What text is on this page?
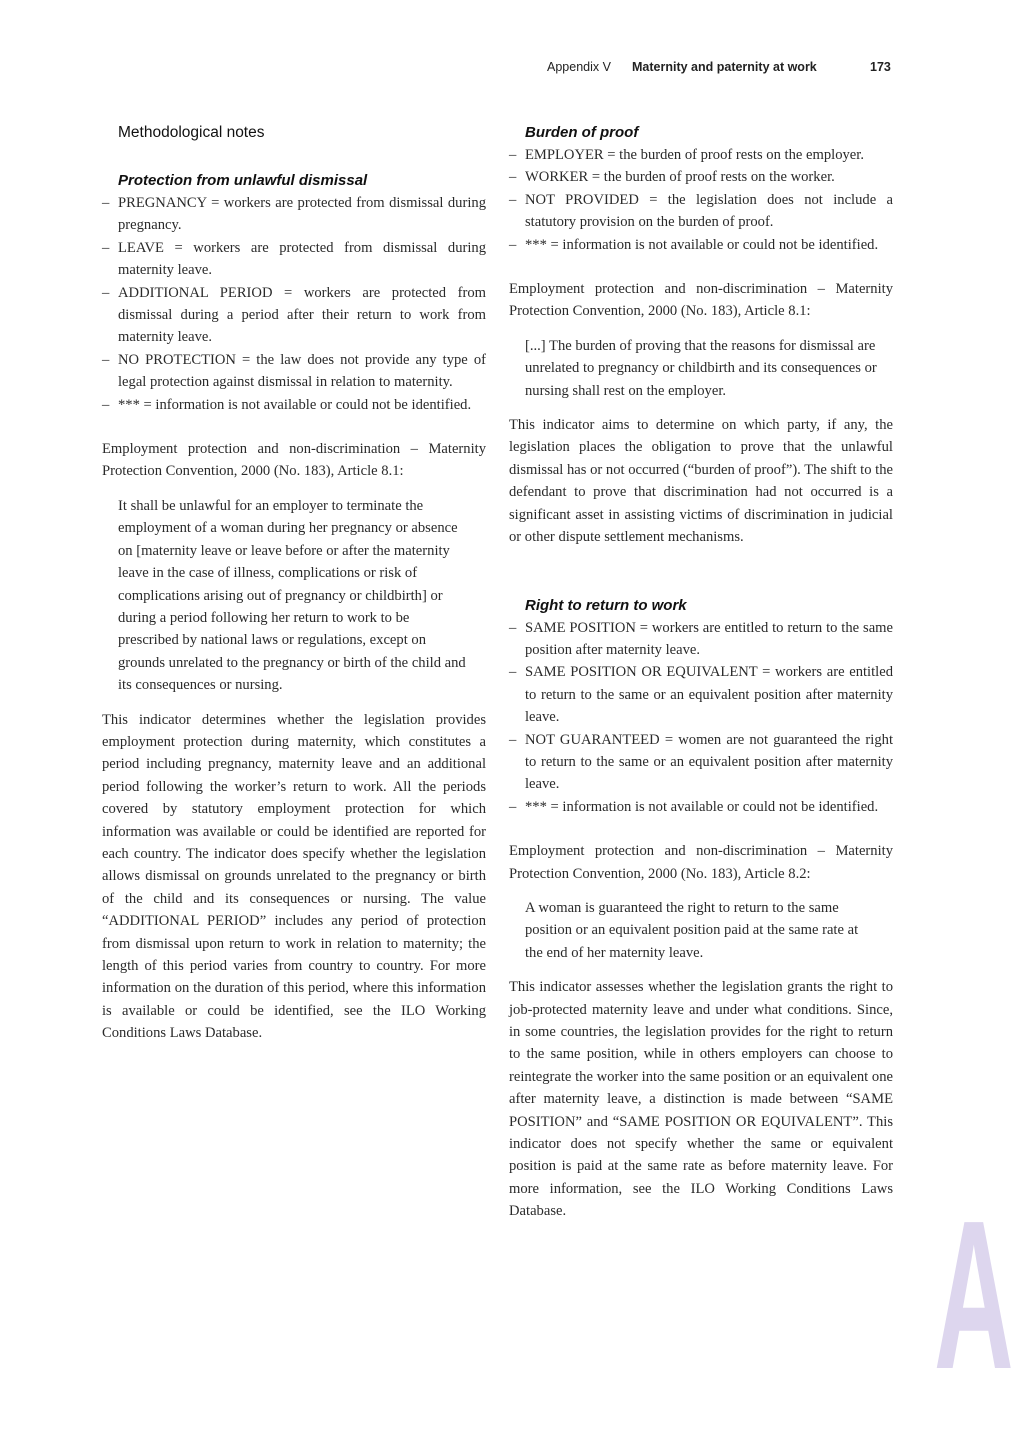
Appendix V Maternity and paternity at work	173
Methodological notes
Protection from unlawful dismissal
– PREGNANCY = workers are protected from dismissal during pregnancy.
– LEAVE = workers are protected from dismissal during maternity leave.
– ADDITIONAL PERIOD = workers are protected from dismissal during a period after their return to work from maternity leave.
– NO PROTECTION = the law does not provide any type of legal protection against dismissal in relation to maternity.
– *** = information is not available or could not be identified.

Employment protection and non-discrimination – Maternity Protection Convention, 2000 (No. 183), Article 8.1:

It shall be unlawful for an employer to terminate the employment of a woman during her pregnancy or absence on [maternity leave or leave before or after the maternity leave in the case of illness, complications or risk of complications arising out of pregnancy or childbirth] or during a period following her return to work to be prescribed by national laws or regulations, except on grounds unrelated to the pregnancy or birth of the child and its consequences or nursing.

This indicator determines whether the legislation provides employment protection during maternity, which constitutes a period including pregnancy, maternity leave and an additional period following the worker’s return to work. All the periods covered by statutory employment protection for which information was available or could be identified are reported for each country. The indicator does specify whether the legislation allows dismissal on grounds unrelated to the pregnancy or birth of the child and its consequences or nursing. The value “ADDITIONAL PERIOD” includes any period of protection from dismissal upon return to work in relation to maternity; the length of this period varies from country to country. For more information on the duration of this period, where this information is available or could be identified, see the ILO Working Conditions Laws Database.

Burden of proof
– EMPLOYER = the burden of proof rests on the employer.
– WORKER = the burden of proof rests on the worker.
– NOT PROVIDED = the legislation does not include a statutory provision on the burden of proof.
– *** = information is not available or could not be identified.

Employment protection and non-discrimination – Maternity Protection Convention, 2000 (No. 183), Article 8.1:

[...] The burden of proving that the reasons for dismissal are unrelated to pregnancy or childbirth and its consequences or nursing shall rest on the employer.

This indicator aims to determine on which party, if any, the legislation places the obligation to prove that the unlawful dismissal has or not occurred (“burden of proof”). The shift to the defendant to prove that discrimination had not occurred is a significant asset in assisting victims of discrimination in judicial or other dispute settlement mechanisms.

Right to return to work
– SAME POSITION = workers are entitled to return to the same position after maternity leave.
– SAME POSITION OR EQUIVALENT = workers are entitled to return to the same or an equivalent position after maternity leave.
– NOT GUARANTEED = women are not guaranteed the right to return to the same or an equivalent position after maternity leave.
– *** = information is not available or could not be identified.

Employment protection and non-discrimination – Maternity Protection Convention, 2000 (No. 183), Article 8.2:

A woman is guaranteed the right to return to the same position or an equivalent position paid at the same rate at the end of her maternity leave.

This indicator assesses whether the legislation grants the right to job-protected maternity leave and under what conditions. Since, in some countries, the legislation provides for the right to return to the same position, while in others employers can choose to reintegrate the worker into the same position or an equivalent one after maternity leave, a distinction is made between “SAME POSITION” and “SAME POSITION OR EQUIVALENT”. This indicator does not specify whether the same or equivalent position is paid at the same rate as before maternity leave. For more information, see the ILO Working Conditions Laws Database.	A
